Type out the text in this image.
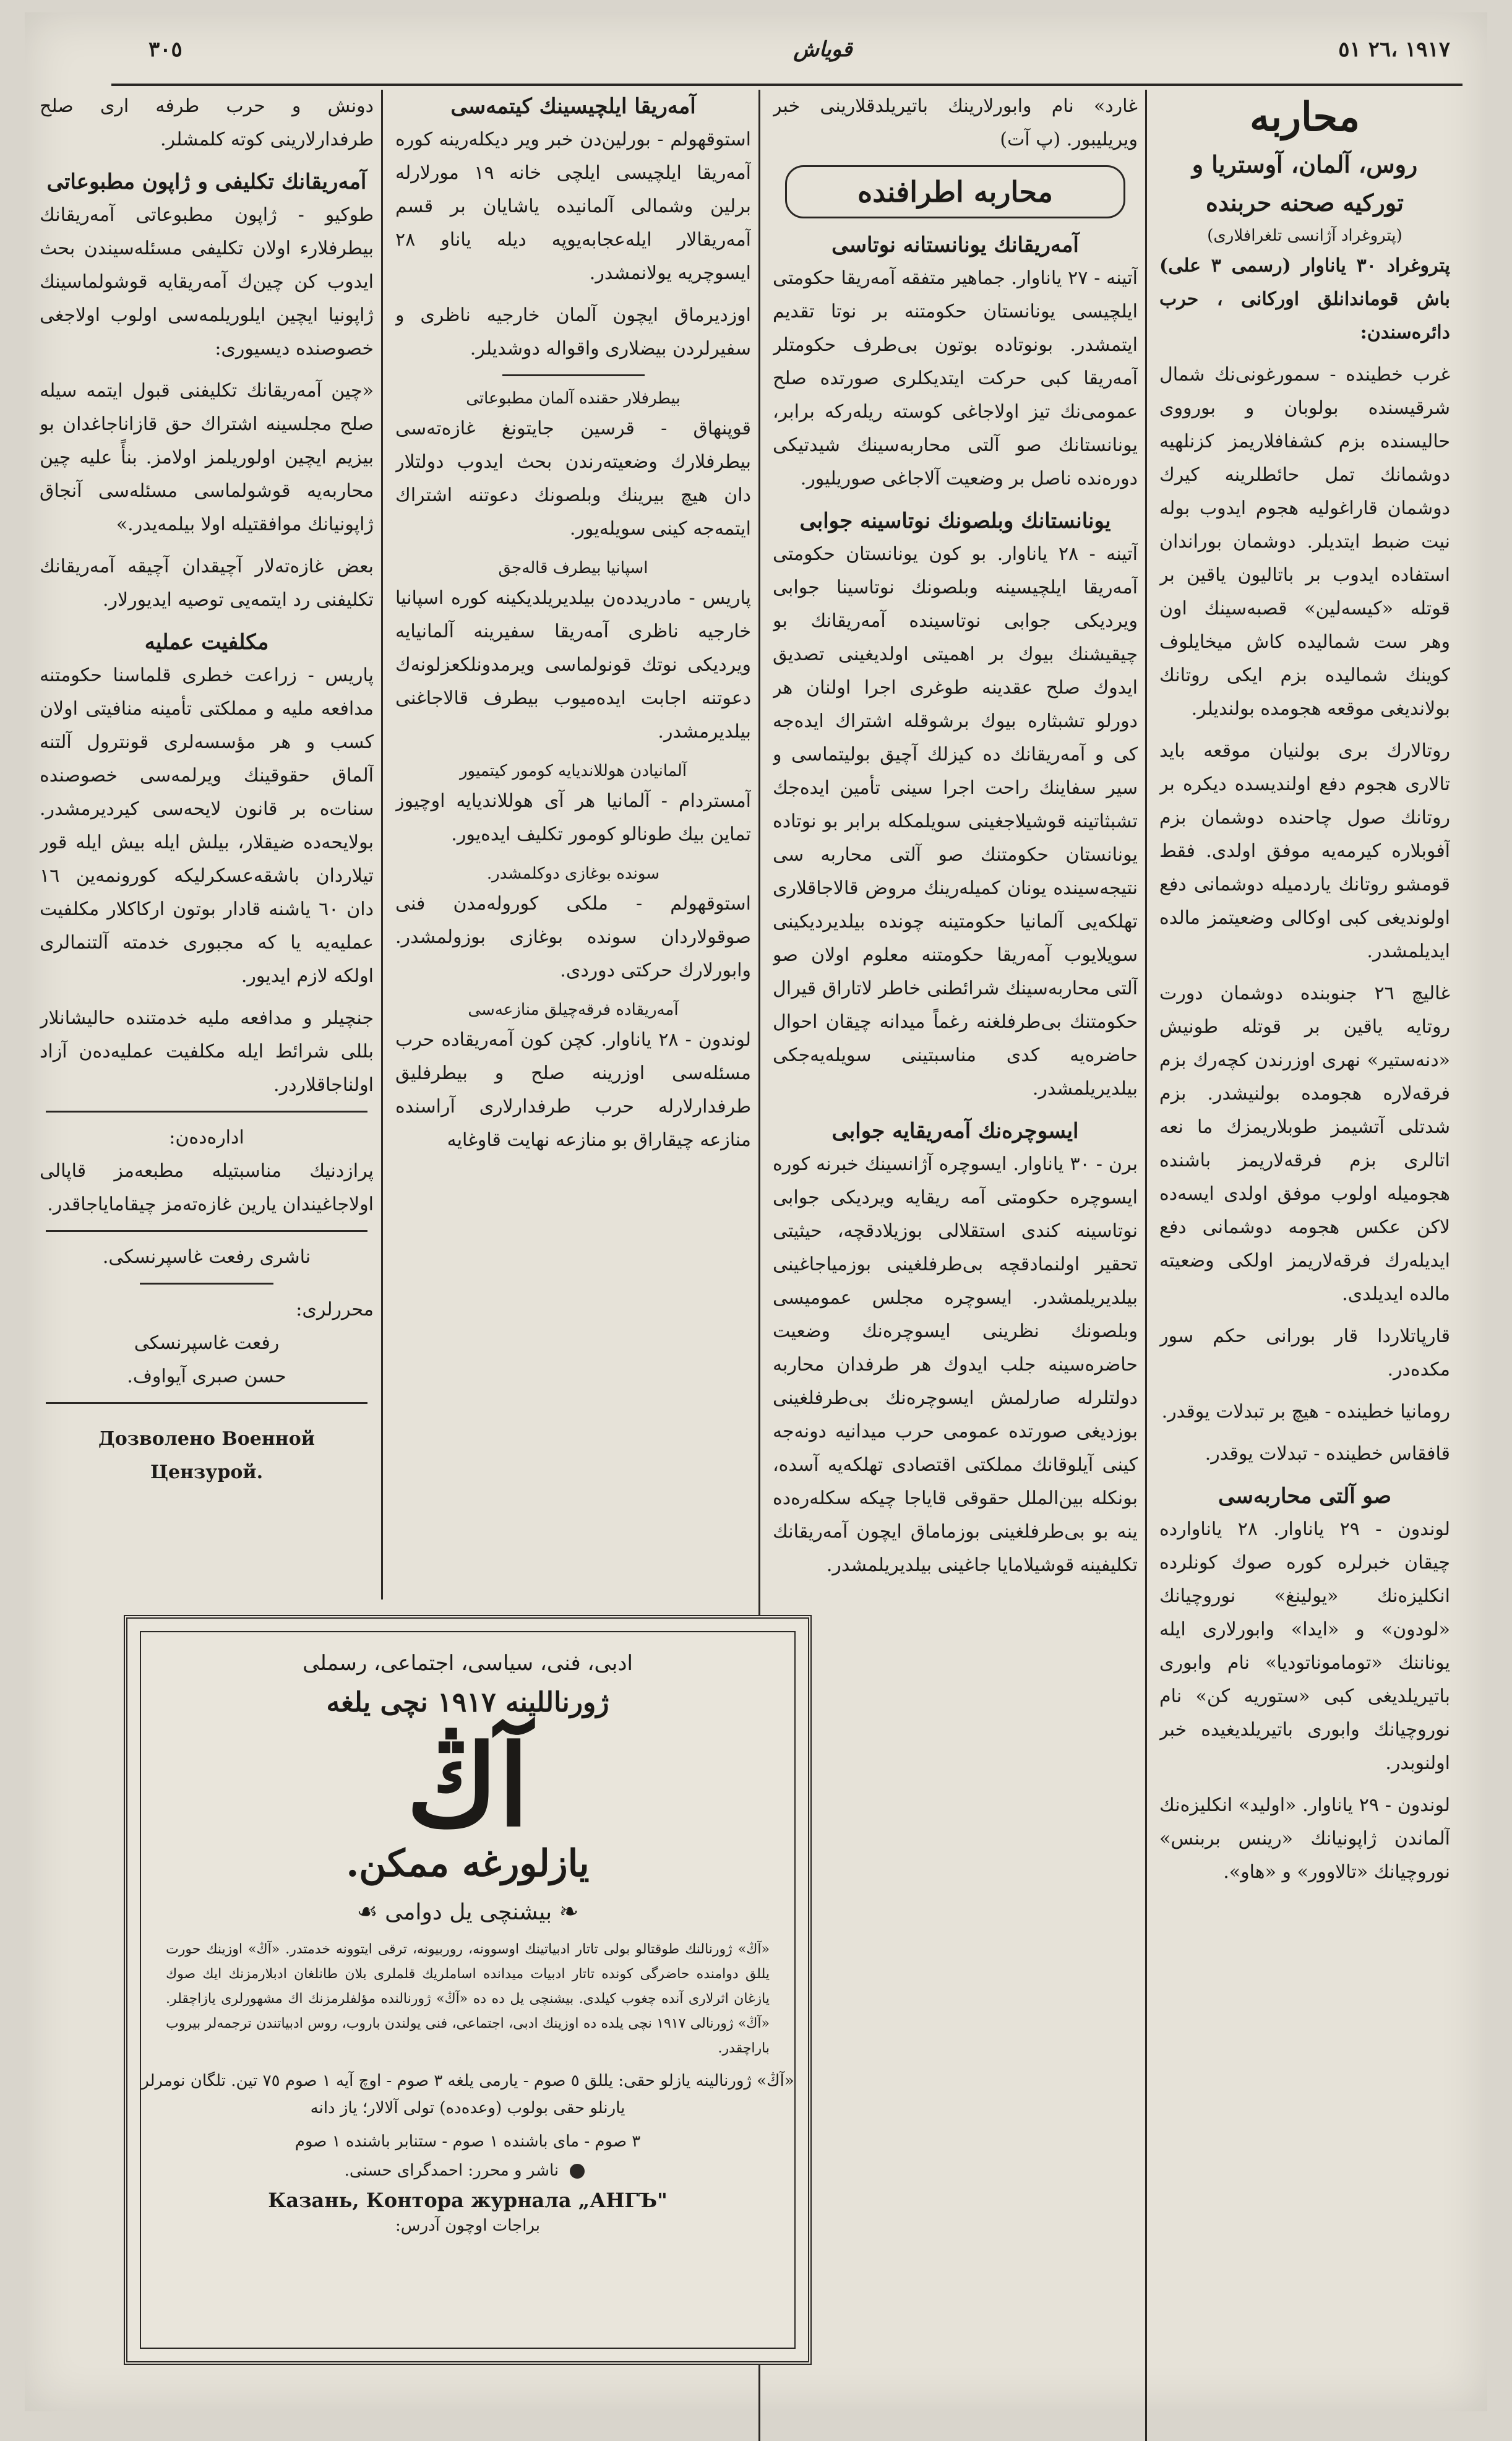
١٩١٧ ،٢٦ ٥١
قوياش
٣٠٥
محاربه
روس، آلمان، آوستريا و توركيه صحنه حربنده
(پتروغراد آژانسى تلغرافلارى)

پتروغراد ٣٠ ياناوار (رسمى ٣ على) باش قوماندانلق اوركانى ، حرب دائره‌سندن:

غرب خطينده - سمورغونى‌نك شمال شرقيسنده بولوبان و بورووى حاليسنده بزم كشفافلاريمز كزنلهيه دوشمانك تمل حائطلرينه كيرك دوشمان قاراغوليه هجوم ايدوب بوله نيت ضبط ايتديلر. دوشمان بوراندان استفاده ايدوب بر باتاليون ياقين بر قوتله «كيسه‌لين» قصبه‌سينك اون وهر ست شماليده كاش ميخايلوف كوينك شماليده بزم ايكى روتانك بولانديغى موقعه هجومده بولنديلر.

روتالارك برى بولنيان موقعه بايد تالارى هجوم دفع اولنديسده ديكره بر روتانك صول چاحنده دوشمان بزم آفوبلاره كيرمه‌يه موفق اولدى. فقط قومشو روتانك ياردميله دوشمانى دفع اولونديغى كبى اوكالى وضعيتمز مالده ايديلمشدر.

غاليچ ٢٦ جنوبنده دوشمان دورت روتايه ياقين بر قوتله طونيش «دنه‌ستير» نهرى اوزرندن كچه‌رك بزم فرقه‌لاره هجومده بولنيشدر. بزم شدتلى آتشيمز طوبلاريمزك ما نعه اتالرى بزم فرقه‌لاريمز باشنده هجوميله اولوب موفق اولدى ايسه‌ده لاكن عكس هجومه دوشمانى دفع ايديله‌رك فرقه‌لاريمز اولكى وضعيته مالده ايديلدى.

قارپاتلاردا قار بورانى حكم سور مكده‌در.

رومانيا خطينده - هيچ بر تبدلات يوقدر.

قافقاس خطينده - تبدلات يوقدر.

صو آلتى محاربه‌سى

لوندون - ٢٩ ياناوار. ٢٨ ياناوارده چيقان خبرلره كوره صوك كونلرده انكليزه‌نك «يولينغ» نوروچيانك «لودون» و «ايدا» وابورلارى ايله يوناننك «توما‌موناتوديا» نام وابورى باتيريلديغى كبى «ستوريه كن» نام نوروچيانك وابورى باتيريلديغيده خبر اولنوبدر.

لوندون - ٢٩ ياناوار. «اوليد» انكليزه‌نك آلماندن ژاپونيانك «رينس بربنس» نوروچيانك «تالاوور» و «هاو».

غارد» نام وابورلارينك باتيريلدقلارينى خبر ويريليبور. (پ آت)

محاربه اطرافنده
آمه‌ريقانك يونانستانه نوتاسى

آتينه - ٢٧ ياناوار. جماهير متفقه آمه‌ريقا حكومتى ايلچيسى يونانستان حكومتنه بر نوتا تقديم ايتمشدر. بونوتاده بوتون بى‌طرف حكومتلر آمه‌ريقا كبى حركت ايتديكلرى صورتده صلح عمومى‌نك تيز اولاجاغى كوسته ريله‌ركه برابر، يونانستانك صو آلتى محاربه‌سينك شيدتيكى دوره‌نده ناصل بر وضعيت آلاجاغى صوريليور.

يونانستانك وبلصونك نوتاسينه جوابى

آتينه - ٢٨ ياناوار. بو كون يونانستان حكومتى آمه‌ريقا ايلچيسينه وبلصونك نوتاسينا جوابى ويرديكى جوابى نوتاسينده آمه‌ريقانك بو چيقيشنك بيوك بر اهميتى اولديغينى تصديق ايدوك صلح عقدينه طوغرى اجرا اولنان هر دورلو تشبثاره بيوك برشوقله اشتراك ايده‌جه كى و آمه‌ريقانك ده كيزلك آچيق بوليتماسى و سير سفاينك راحت اجرا سينى تأمين ايده‌جك تشبثاتينه قوشيلاجغينى سويلمكله برابر بو نوتاده يونانستان حكومتنك صو آلتى محاربه سى نتيجه‌سينده يونان كميله‌رينك مروض قالاجاقلارى تهلكه‌يى آلمانيا حكومتينه چونده بيلديرديكينى سويلايوب آمه‌ريقا حكومتنه معلوم اولان صو آلتى محاربه‌سينك شرائطنى خاطر لاتاراق قيرال حكومتنك بى‌طرفلغنه رغماً ميدانه چيقان احوال حاضره‌يه كدى مناسبتينى سويله‌يه‌جكى بيلديريلمشدر.

ايسوچره‌نك آمه‌ريقايه جوابى

برن - ٣٠ ياناوار. ايسوچره آژانسينك خبرنه كوره ايسوچره حكومتى آمه ريقايه ويرديكى جوابى نوتاسينه كندى استقلالى بوزيلادقچه، حيثيتى تحقير اولنمادقچه بى‌طرفلغينى بوزمياجاغينى بيلديريلمشدر. ايسوچره مجلس عموميسى وبلصونك نظرينى ايسوچره‌نك وضعيت حاضره‌سينه جلب ايدوك هر طرفدان محاربه دولتلرله صارلمش ايسوچره‌نك بى‌طرفلغينى بوزديغى صورتده عمومى حرب ميدانيه دونه‌جه كينى آيلوقانك مملكتى اقتصادى تهلكه‌يه آسده، بونكله بين‌الملل حقوقى قاياجا چيكه سكله‌ره‌ده ينه بو بى‌طرفلغينى بوزماماق ايچون آمه‌ريقانك تكليفينه قوشيلامايا جاغينى بيلديريلمشدر.

آمه‌ريقا ايلچيسينك كيتمه‌سى

استوقهولم - بورلين‌دن خبر وير ديكله‌رينه كوره آمه‌ريقا ايلچيسى ايلچى خانه ١٩ مورلارله برلين وشمالى آلمانيده ياشايان بر قسم آمه‌ريقالار ايله‌عجابه‌يوپه ديله ياناو ٢٨ ايسوچريه يولانمشدر.

اوزديرماق ايچون آلمان خارجيه ناظرى و سفيرلردن بيضلارى واقواله دوشديلر.

بيطرفلار حقنده آلمان مطبوعاتى

قوپنهاق - قرسين جايتونغ غازه‌ته‌سى بيطرفلارك وضعيته‌رندن بحث ايدوب دولتلار دان هيچ بيرينك وبلصونك دعوتنه اشتراك ايتمه‌جه كينى سويله‌يور.

اسپانيا بيطرف قاله‌جق

پاريس - مادريدده‌ن بيلديريلديكينه كوره اسپانيا خارجيه ناظرى آمه‌ريقا سفيرينه آلمانيايه ويرديكى نوتك قونولماسى ويرمدونلكعزلونه‌ك دعوتنه اجابت ايده‌ميوب بيطرف قالاجاغنى بيلديرمشدر.

آلمانيادن هوللانديايه كومور كيتميور

آمستردام - آلمانيا هر آى هوللانديايه اوچيوز تماين بيك طونالو كومور تكليف ايده‌يور.

سونده بوغازى دوكلمشدر.

استوقهولم - ملكى كوروله‌مدن فنى صوقولاردان سونده بوغازى بوزولمشدر. وابورلارك حركتى دوردى.

آمه‌ريقاده فرقه‌چيلق منازعه‌سى

لوندون - ٢٨ ياناوار. كچن كون آمه‌ريقاده حرب مسئله‌سى اوزرينه صلح و بيطرفليق طرفدارلارله حرب طرفدارلارى آراسنده منازعه چيقاراق بو منازعه نهايت قاوغايه

دونش و حرب طرفه ارى صلح طرفدارلارينى كوته كلمشلر.

آمه‌ريقانك تكليفى و ژاپون مطبوعاتى

طوكيو - ژاپون مطبوعاتى آمه‌ريقانك بيطرفلارء اولان تكليفى مسئله‌سيندن بحث ايدوب كن چين‌ك آمه‌ريقايه قوشولماسينك ژاپونيا ايچين ايلوريلمه‌سى اولوب اولاجغى خصوصنده ديسيورى:

«چين آمه‌ريقانك تكليفنى قبول ايتمه سيله صلح مجلسينه اشتراك حق قازاناجاغدان بو بيزيم ايچين اولوريلمز اولامز. بنأً عليه چين محاربه‌يه قوشولماسى مسئله‌سى آنجاق ژاپونيانك موافقتيله اولا بيلمه‌يدر.»

بعض غازه‌ته‌لار آچيقدان آچيقه آمه‌ريقانك تكليفنى رد ايتمه‌يى توصيه ايديورلار.

مكلفيت عمليه

پاريس - زراعت خطرى قلماسنا حكومتنه مدافعه مليه و مملكتى تأمينه منافيتى اولان كسب و هر مؤسسه‌لرى قونترول آلتنه آلماق حقوقينك ويرلمه‌سى خصوصنده سنات‌ه بر قانون لايحه‌سى كيرديرمشدر. بولايحه‌ده ضيقلار، بيلش ايله بيش ايله قور تيلاردان باشقه‌عسكرليكه كورونمه‌ين ١٦ دان ٦٠ ياشنه قادار بوتون اركاكلار مكلفيت عمليه‌يه يا كه مجبورى خدمته آلتنمالرى اولكه لازم ايديور.

جنچيلر و مدافعه مليه خدمتنده حاليشانلار بللى شرائط ايله مكلفيت عمليه‌ده‌ن آزاد اولناجاقلاردر.

اداره‌ده‌ن:

پرازدنيك مناسبتيله مطبعه‌مز قاپالى اولاجاغيندان يارين غازه‌ته‌مز چيقاماياجاقدر.

ناشرى رفعت غاسپرنسكى.
محررلرى:
رفعت غاسپرنسكى
حسن صبرى آيواوف.
Дозволено Военной Цензурой.
ادبى، فنى، سياسى، اجتماعى، رسملى
ژورناللينه ١٩١٧ نچى يلغه
آڭ
يازلورغه ممكن.
❧ بيشنچى يل دوامى ☙
«آڭ» ژورنالنك طوقتالو بولى تاتار ادبياتينك اوسوونه، روربيونه، ترقى ايتوونه خدمتدر. «آڭ» اوزينك حورت يللق دوامنده حاضرگى كونده تاتار ادبيات ميدانده اساملريك قلملرى بلان طانلغان ادبلارمزنك ايك صوك يازغان اثرلارى آنده چغوب كيلدى. بيشنچى يل ده ده «آڭ» ژورنالنده مؤلفلرمزنك اك مشهورلرى يازاچقلر. «آڭ» ژورنالى ١٩١٧ نچى يلده ده اوزينك ادبى، اجتماعى، فنى يولندن باروب، روس ادبياتندن ترجمه‌لر بيروب باراچقدر.
«آڭ» ژورنالينه يازلو حقى: يللق ٥ صوم - يارمى يلغه ٣ صوم - اوچ آيه ١ صوم ٧٥ تين. تلگان نومرلر يارنلو حقى بولوب (وعده‌ده) تولى آلالار؛ ياز دانه
٣ صوم - ماى باشنده ١ صوم - ستنابر باشنده ١ صوم
ناشر و محرر: احمدگراى حسنى.
Казань, Контора журнала „АНГЪ"
براجات اوچون آدرس:
